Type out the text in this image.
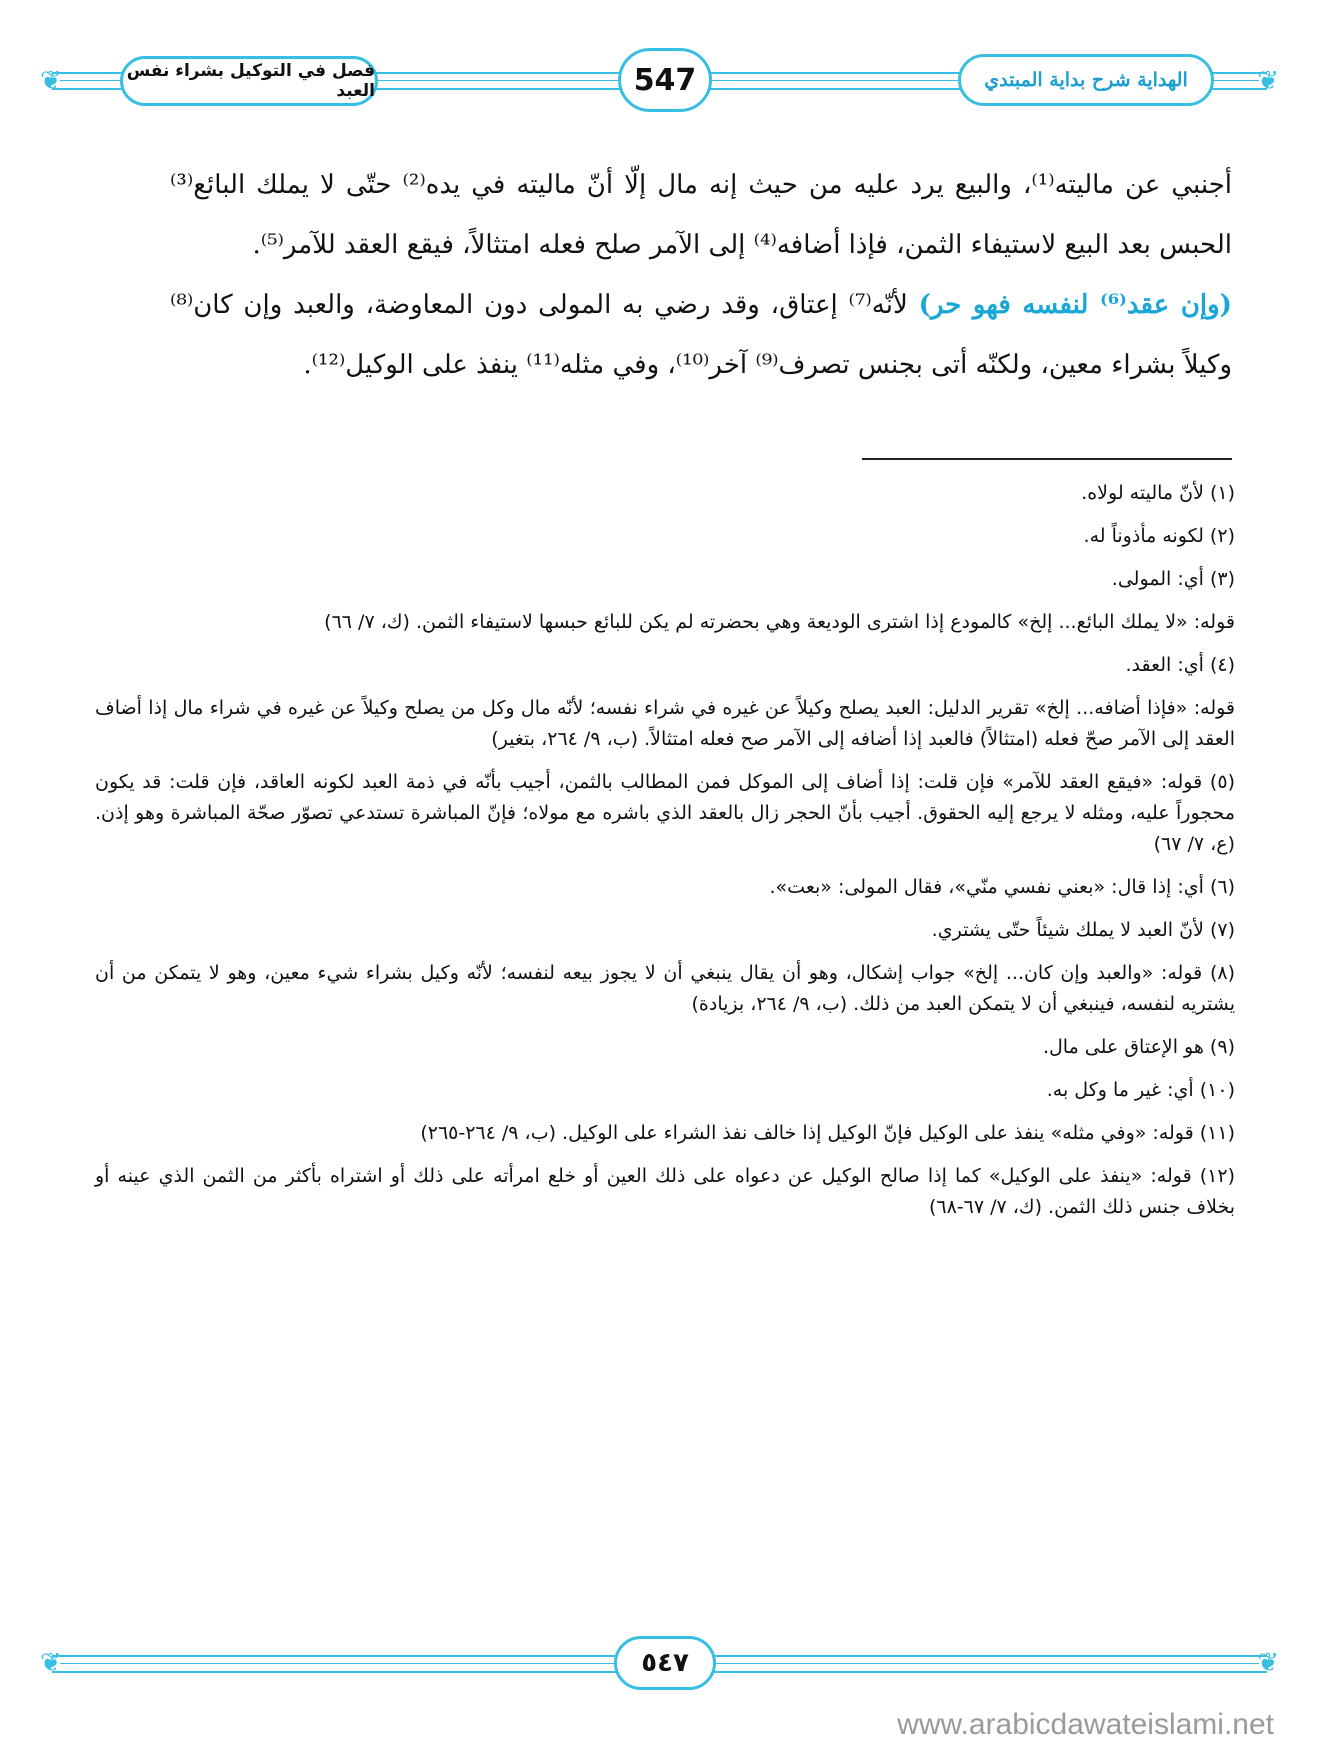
❦	❦
فصل في التوكيل بشراء نفس العبد	547	الهداية شرح بداية المبتدي

أجنبي عن ماليته⁽¹⁾، والبيع يرد عليه من حيث إنه مال إلّا أنّ ماليته في يده⁽²⁾ حتّى لا يملك البائع⁽³⁾ الحبس بعد البيع لاستيفاء الثمن، فإذا أضافه⁽⁴⁾ إلى الآمر صلح فعله امتثالاً، فيقع العقد للآمر⁽⁵⁾.

(وإن عقد⁽⁶⁾ لنفسه فهو حر) لأنّه⁽⁷⁾ إعتاق، وقد رضي به المولى دون المعاوضة، والعبد وإن كان⁽⁸⁾ وكيلاً بشراء معين، ولكنّه أتى بجنس تصرف⁽⁹⁾ آخر⁽¹⁰⁾، وفي مثله⁽¹¹⁾ ينفذ على الوكيل⁽¹²⁾.

(١) لأنّ ماليته لولاه.

(٢) لكونه مأذوناً له.

(٣) أي: المولى.

قوله: «لا يملك البائع... إلخ» كالمودع إذا اشترى الوديعة وهي بحضرته لم يكن للبائع حبسها لاستيفاء الثمن. (ك، ٧/ ٦٦)

(٤) أي: العقد.

قوله: «فإذا أضافه... إلخ» تقرير الدليل: العبد يصلح وكيلاً عن غيره في شراء نفسه؛ لأنّه مال وكل من يصلح وكيلاً عن غيره في شراء مال إذا أضاف العقد إلى الآمر صحّ فعله (امتثالاً) فالعبد إذا أضافه إلى الآمر صح فعله امتثالاً. (ب، ٩/ ٢٦٤، بتغير)

(٥) قوله: «فيقع العقد للآمر» فإن قلت: إذا أضاف إلى الموكل فمن المطالب بالثمن، أجيب بأنّه في ذمة العبد لكونه العاقد، فإن قلت: قد يكون محجوراً عليه، ومثله لا يرجع إليه الحقوق. أجيب بأنّ الحجر زال بالعقد الذي باشره مع مولاه؛ فإنّ المباشرة تستدعي تصوّر صحّة المباشرة وهو إذن. (ع، ٧/ ٦٧)

(٦) أي: إذا قال: «بعني نفسي منّي»، فقال المولى: «بعت».

(٧) لأنّ العبد لا يملك شيئاً حتّى يشتري.

(٨) قوله: «والعبد وإن كان... إلخ» جواب إشكال، وهو أن يقال ينبغي أن لا يجوز بيعه لنفسه؛ لأنّه وكيل بشراء شيء معين، وهو لا يتمكن من أن يشتريه لنفسه، فينبغي أن لا يتمكن العبد من ذلك. (ب، ٩/ ٢٦٤، بزيادة)

(٩) هو الإعتاق على مال.

(١٠) أي: غير ما وكل به.

(١١) قوله: «وفي مثله» ينفذ على الوكيل فإنّ الوكيل إذا خالف نفذ الشراء على الوكيل. (ب، ٩/ ٢٦٤-٢٦٥)

(١٢) قوله: «ينفذ على الوكيل» كما إذا صالح الوكيل عن دعواه على ذلك العين أو خلع امرأته على ذلك أو اشتراه بأكثر من الثمن الذي عينه أو بخلاف جنس ذلك الثمن. (ك، ٧/ ٦٧-٦٨)

❦	❦
٥٤٧
www.arabicdawateislami.net
